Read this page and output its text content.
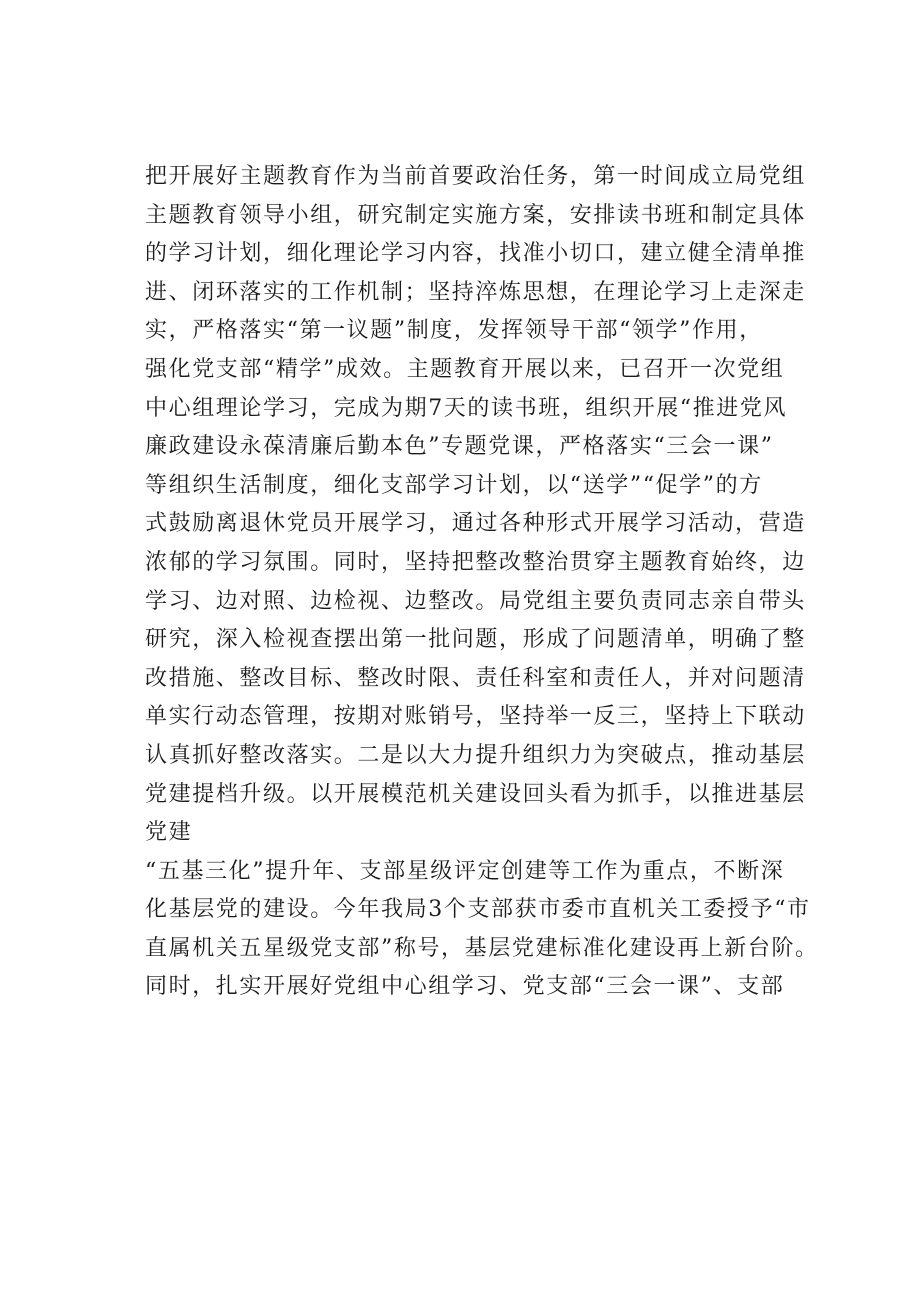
把开展好主题教育作为当前首要政治任务，第一时间成立局党组
主题教育领导小组，研究制定实施方案，安排读书班和制定具体
的学习计划，细化理论学习内容，找准小切口，建立健全清单推
进、闭环落实的工作机制；坚持淬炼思想，在理论学习上走深走
实，严格落实“第一议题”制度，发挥领导干部“领学”作用，
强化党支部“精学”成效。主题教育开展以来，已召开一次党组
中心组理论学习，完成为期7天的读书班，组织开展“推进党风
廉政建设永葆清廉后勤本色”专题党课，严格落实“三会一课”
等组织生活制度，细化支部学习计划，以“送学”“促学”的方
式鼓励离退休党员开展学习，通过各种形式开展学习活动，营造
浓郁的学习氛围。同时，坚持把整改整治贯穿主题教育始终，边
学习、边对照、边检视、边整改。局党组主要负责同志亲自带头
研究，深入检视查摆出第一批问题，形成了问题清单，明确了整
改措施、整改目标、整改时限、责任科室和责任人，并对问题清
单实行动态管理，按期对账销号，坚持举一反三，坚持上下联动
认真抓好整改落实。二是以大力提升组织力为突破点，推动基层
党建提档升级。以开展模范机关建设回头看为抓手，以推进基层
党建
“五基三化”提升年、支部星级评定创建等工作为重点，不断深
化基层党的建设。今年我局3个支部获市委市直机关工委授予“市
直属机关五星级党支部”称号，基层党建标准化建设再上新台阶。
同时，扎实开展好党组中心组学习、党支部“三会一课”、支部
